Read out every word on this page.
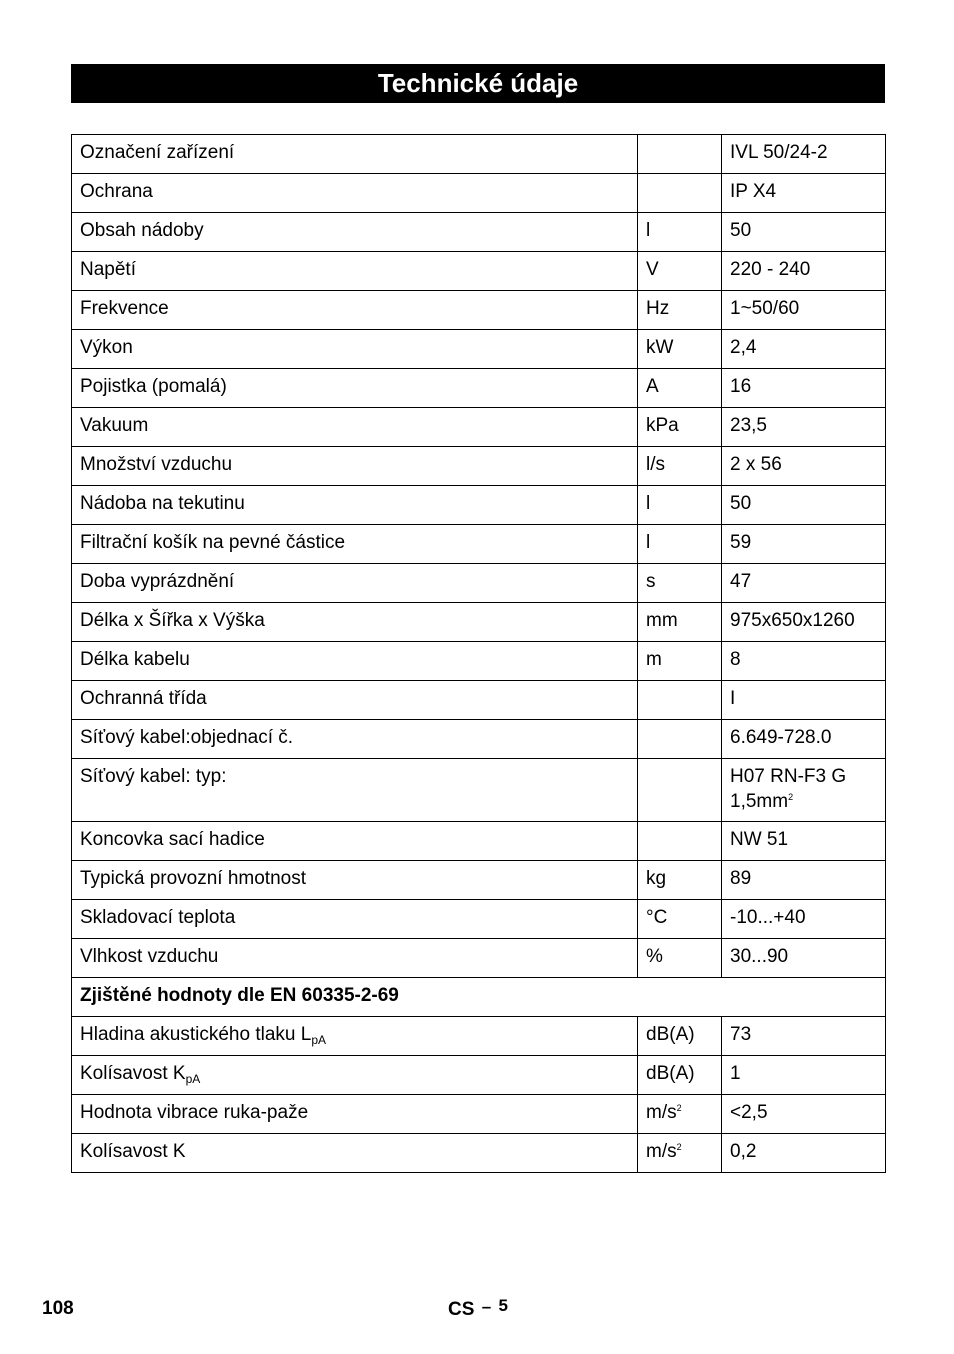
Technické údaje
Označení zařízení		IVL 50/24-2
Ochrana		IP X4
Obsah nádoby	l	50
Napětí	V	220 - 240
Frekvence	Hz	1~50/60
Výkon	kW	2,4
Pojistka (pomalá)	A	16
Vakuum	kPa	23,5
Množství vzduchu	l/s	2 x 56
Nádoba na tekutinu	l	50
Filtrační košík na pevné částice	l	59
Doba vyprázdnění	s	47
Délka x Šířka x Výška	mm	975x650x1260
Délka kabelu	m	8
Ochranná třída		I
Síťový kabel:objednací č.		6.649-728.0
Síťový kabel: typ:		H07 RN-F3 G
$1,5mm^2$

Koncovka sací hadice		NW 51
Typická provozní hmotnost	kg	89
Skladovací teplota	°C	-10...+40
Vlhkost vzduchu	%	30...90
Zjištěné hodnoty dle EN 60335-2-69		
Hladina akustického tlaku $L_{pA}$	dB(A)	73
Kolísavost $K_{pA}$	dB(A)	1
Hodnota vibrace ruka-paže	$m/s^2$	<2,5
Kolísavost K	$m/s^2$	0,2
108	CS – 5
